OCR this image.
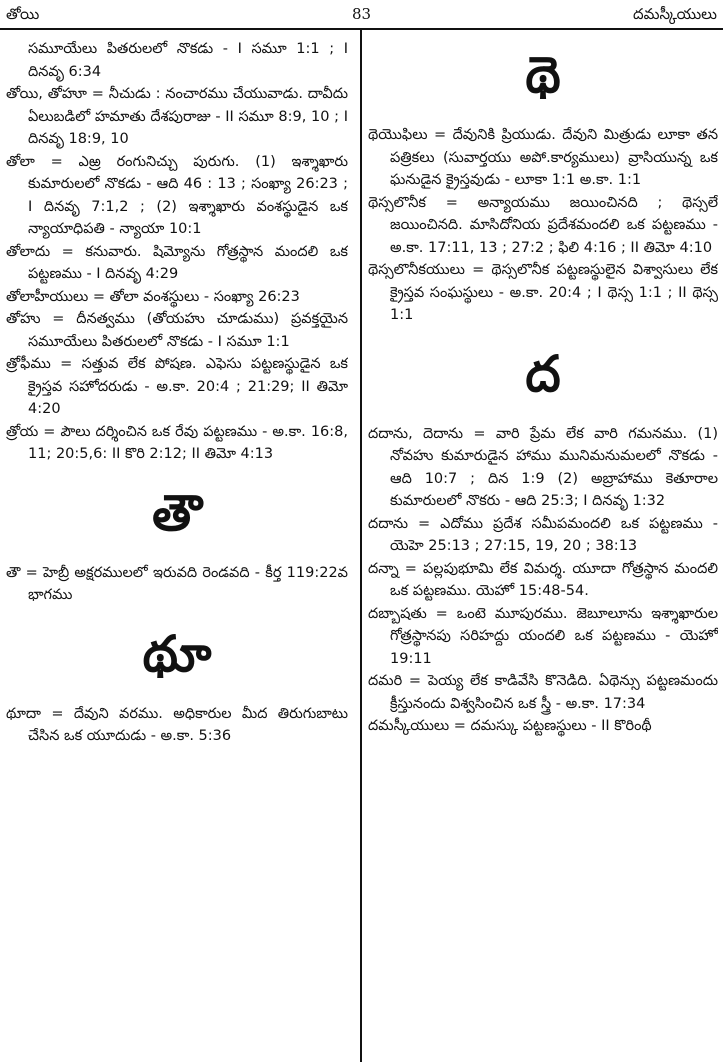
తోయి	83	దమస్కీయులు

సమూయేలు పితరులలో నొకడు - I సమూ 1:1 ; I దినవృ 6:34

తోయి, తోహూ = నీచుడు : నంచారము చేయువాడు. దావీదు ఏలుబడిలో హమాతు దేశపురాజు - II సమూ 8:9, 10 ; I దినవృ 18:9, 10

తోలా = ఎఱ్ర రంగునిచ్చు పురుగు. (1) ఇశ్శాఖారు కుమారులలో నొకడు - ఆది 46 : 13 ; సంఖ్యా 26:23 ; I దినవృ 7:1,2 ; (2) ఇశ్శాఖారు వంశస్థుడైన ఒక న్యాయాధిపతి - న్యాయా 10:1

తోలాదు = కనువారు. షిమ్యోను గోత్రస్థాన మందలి ఒక పట్టణము - I దినవృ 4:29

తోలాహీయులు = తోలా వంశస్థులు - సంఖ్యా 26:23

తోహు = దీనత్వము (తోయహు చూడుము) ప్రవక్తయైన సమూయేలు పితరులలో నొకడు - I సమూ 1:1

త్రోఫీము = సత్తువ లేక పోషణ. ఎఫెసు పట్టణస్థుడైన ఒక క్రైస్తవ సహోదరుడు - అ.కా. 20:4 ; 21:29; II తిమో 4:20

త్రోయ = పౌలు దర్శించిన ఒక రేవు పట్టణము - అ.కా. 16:8, 11; 20:5,6: II కొరి 2:12; II తిమో 4:13

తౌ

తౌ = హెబ్రీ అక్షరములలో ఇరువది రెండవది - కీర్త 119:22వ భాగము

థూ

థూదా = దేవుని వరము. అధికారుల మీద తిరుగుబాటు చేసిన ఒక యూదుడు - అ.కా. 5:36

థె

థెయొఫిలు = దేవునికి ప్రియుడు. దేవుని మిత్రుడు లూకా తన పత్రికలు (సువార్తయు అపో.కార్యములు) వ్రాసియున్న ఒక ఘనుడైన క్రైస్తవుడు - లూకా 1:1 అ.కా. 1:1

థెస్సలొనీక = అన్యాయము జయించినది ; థెస్సలే జయించినది. మాసిదోనియ ప్రదేశమందలి ఒక పట్టణము - అ.కా. 17:11, 13 ; 27:2 ; ఫిలి 4:16 ; II తిమో 4:10

థెస్సలొనీకయులు = థెస్సలొనీక పట్టణస్థులైన విశ్వాసులు లేక క్రైస్తవ సంఘస్థులు - అ.కా. 20:4 ; I థెస్స 1:1 ; II థెస్స 1:1

ద

దదాను, దెదాను = వారి ప్రేమ లేక వారి గమనము. (1) నోవహు కుమారుడైన హాము మునిమనుమలలో నొకడు - ఆది 10:7 ; దిన 1:9 (2) అబ్రాహాము కెతూరాల కుమారులలో నొకరు - ఆది 25:3; I దినవృ 1:32

దదాను = ఎదోము ప్రదేశ సమీపమందలి ఒక పట్టణము - యెహె 25:13 ; 27:15, 19, 20 ; 38:13

దన్నా = పల్లపుభూమి లేక విమర్శ. యూదా గోత్రస్థాన మందలి ఒక పట్టణము. యెహో 15:48-54.

దబ్బాషతు = ఒంటె మూపురము. జెబూలూను ఇశ్శాఖారుల గోత్రస్థానపు సరిహద్దు యందలి ఒక పట్టణము - యెహో 19:11

దమరి = పెయ్య లేక కాడివేసి కొనెడిది. ఏథెన్సు పట్టణమందు క్రీస్తునందు విశ్వసించిన ఒక స్త్రీ - అ.కా. 17:34

దమస్కీయులు = దమస్కు పట్టణస్థులు - II కొరింథీ
